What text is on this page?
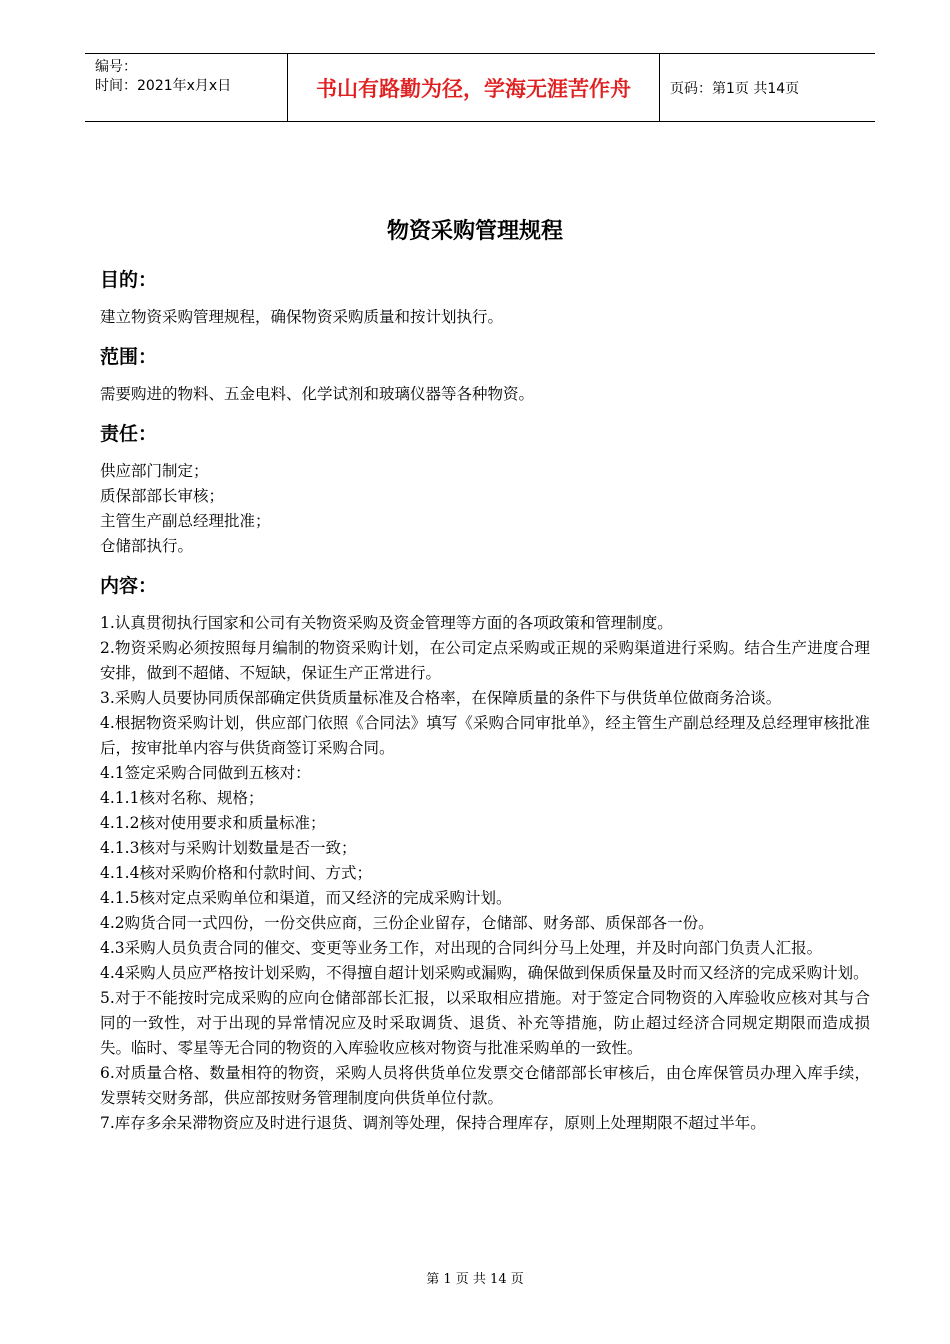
编号：
时间：2021年x月x日	书山有路勤为径，学海无涯苦作舟	页码：第1页 共14页
物资采购管理规程

目的：

建立物资采购管理规程，确保物资采购质量和按计划执行。

范围：

需要购进的物料、五金电料、化学试剂和玻璃仪器等各种物资。

责任：

供应部门制定；

质保部部长审核；

主管生产副总经理批准；

仓储部执行。

内容：

1.认真贯彻执行国家和公司有关物资采购及资金管理等方面的各项政策和管理制度。

2.物资采购必须按照每月编制的物资采购计划，在公司定点采购或正规的采购渠道进行采购。结合生产进度合理安排，做到不超储、不短缺，保证生产正常进行。

3.采购人员要协同质保部确定供货质量标准及合格率，在保障质量的条件下与供货单位做商务洽谈。

4.根据物资采购计划，供应部门依照《合同法》填写《采购合同审批单》，经主管生产副总经理及总经理审核批准后，按审批单内容与供货商签订采购合同。

4.1签定采购合同做到五核对：

4.1.1核对名称、规格；

4.1.2核对使用要求和质量标准；

4.1.3核对与采购计划数量是否一致；

4.1.4核对采购价格和付款时间、方式；

4.1.5核对定点采购单位和渠道，而又经济的完成采购计划。

4.2购货合同一式四份，一份交供应商，三份企业留存，仓储部、财务部、质保部各一份。

4.3采购人员负责合同的催交、变更等业务工作，对出现的合同纠分马上处理，并及时向部门负责人汇报。

4.4采购人员应严格按计划采购，不得擅自超计划采购或漏购，确保做到保质保量及时而又经济的完成采购计划。

5.对于不能按时完成采购的应向仓储部部长汇报，以采取相应措施。对于签定合同物资的入库验收应核对其与合同的一致性，对于出现的异常情况应及时采取调货、退货、补充等措施，防止超过经济合同规定期限而造成损失。临时、零星等无合同的物资的入库验收应核对物资与批准采购单的一致性。

6.对质量合格、数量相符的物资，采购人员将供货单位发票交仓储部部长审核后，由仓库保管员办理入库手续，发票转交财务部，供应部按财务管理制度向供货单位付款。

7.库存多余呆滞物资应及时进行退货、调剂等处理，保持合理库存，原则上处理期限不超过半年。

第 1 页 共 14 页
